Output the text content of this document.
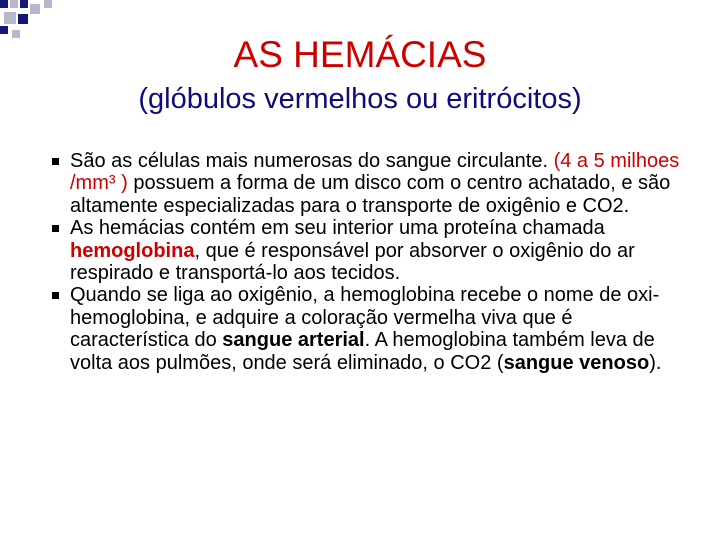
AS HEMÁCIAS
(glóbulos vermelhos ou eritrócitos)
São as células mais numerosas do sangue circulante. (4 a 5 milhoes /mm³ ) possuem a forma de um disco com o centro achatado, e são altamente especializadas para o transporte de oxigênio e CO2.
As hemácias contém em seu interior uma proteína chamada hemoglobina, que é responsável por absorver o oxigênio do ar respirado e transportá-lo aos tecidos.
Quando se liga ao oxigênio, a hemoglobina recebe o nome de oxi-hemoglobina, e adquire a coloração vermelha viva que é característica do sangue arterial. A hemoglobina também leva de volta aos pulmões, onde será eliminado, o CO2 (sangue venoso).
